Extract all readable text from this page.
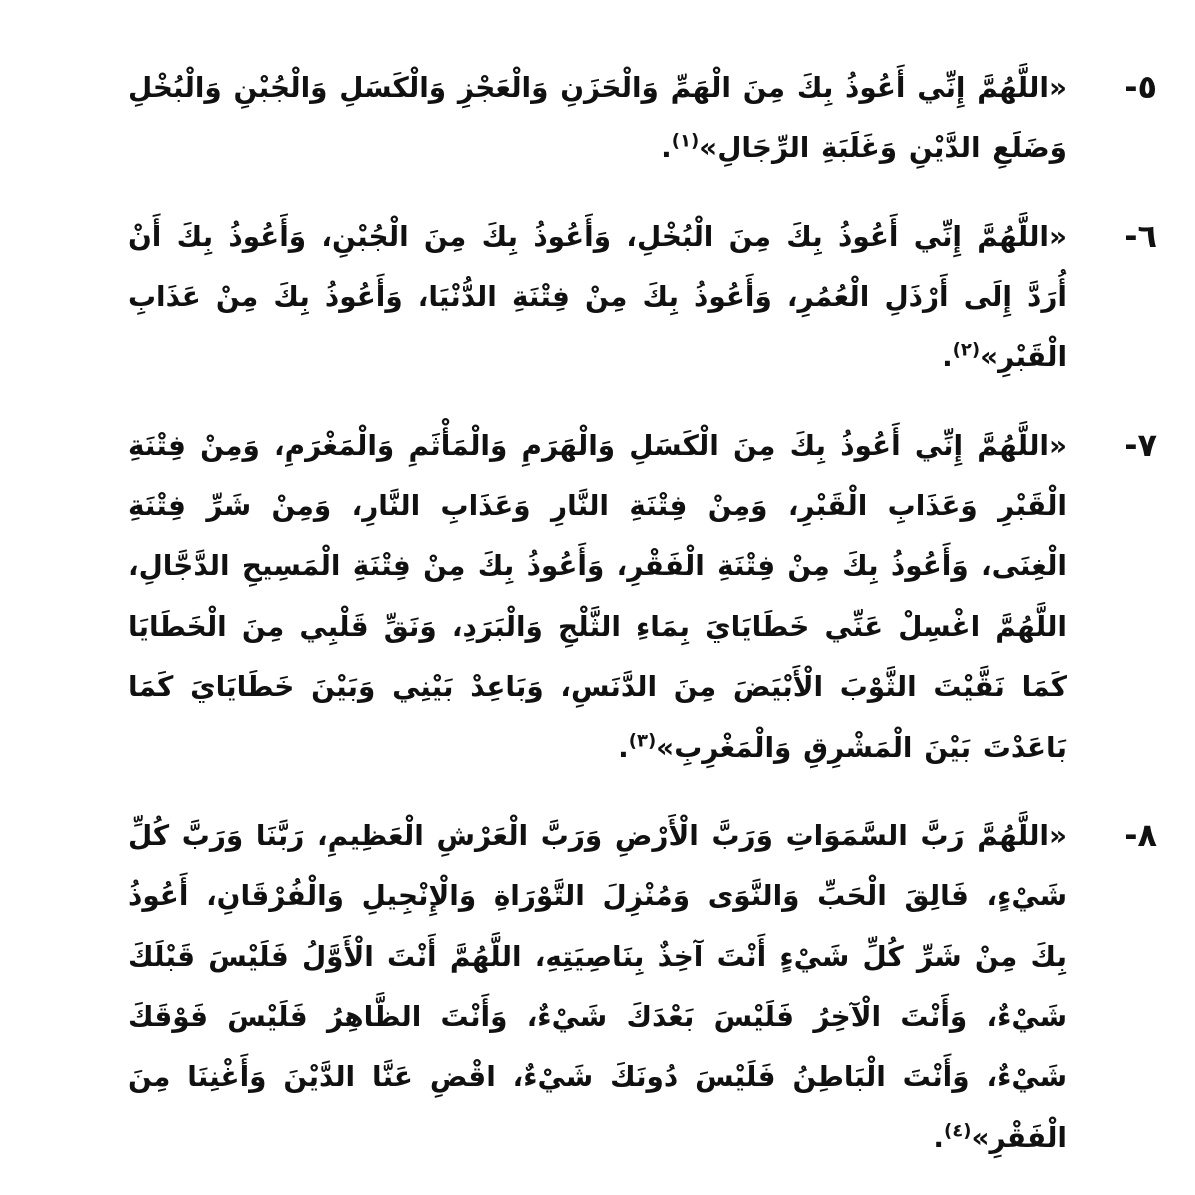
٥-

«اللَّهُمَّ إِنِّي أَعُوذُ بِكَ مِنَ الْهَمِّ وَالْحَزَنِ وَالْعَجْزِ وَالْكَسَلِ وَالْجُبْنِ وَالْبُخْلِ وَضَلَعِ الدَّيْنِ وَغَلَبَةِ الرِّجَالِ»$^{(١)}$.

٦-

«اللَّهُمَّ إِنِّي أَعُوذُ بِكَ مِنَ الْبُخْلِ، وَأَعُوذُ بِكَ مِنَ الْجُبْنِ، وَأَعُوذُ بِكَ أَنْ أُرَدَّ إِلَى أَرْذَلِ الْعُمُرِ، وَأَعُوذُ بِكَ مِنْ فِتْنَةِ الدُّنْيَا، وَأَعُوذُ بِكَ مِنْ عَذَابِ الْقَبْرِ»$^{(٢)}$.

٧-

«اللَّهُمَّ إِنِّي أَعُوذُ بِكَ مِنَ الْكَسَلِ وَالْهَرَمِ وَالْمَأْثَمِ وَالْمَغْرَمِ، وَمِنْ فِتْنَةِ الْقَبْرِ وَعَذَابِ الْقَبْرِ، وَمِنْ فِتْنَةِ النَّارِ وَعَذَابِ النَّارِ، وَمِنْ شَرِّ فِتْنَةِ الْغِنَى، وَأَعُوذُ بِكَ مِنْ فِتْنَةِ الْفَقْرِ، وَأَعُوذُ بِكَ مِنْ فِتْنَةِ الْمَسِيحِ الدَّجَّالِ، اللَّهُمَّ اغْسِلْ عَنِّي خَطَايَايَ بِمَاءِ الثَّلْجِ وَالْبَرَدِ، وَنَقِّ قَلْبِي مِنَ الْخَطَايَا كَمَا نَقَّيْتَ الثَّوْبَ الْأَبْيَضَ مِنَ الدَّنَسِ، وَبَاعِدْ بَيْنِي وَبَيْنَ خَطَايَايَ كَمَا بَاعَدْتَ بَيْنَ الْمَشْرِقِ وَالْمَغْرِبِ»$^{(٣)}$.

٨-

«اللَّهُمَّ رَبَّ السَّمَوَاتِ وَرَبَّ الْأَرْضِ وَرَبَّ الْعَرْشِ الْعَظِيمِ، رَبَّنَا وَرَبَّ كُلِّ شَيْءٍ، فَالِقَ الْحَبِّ وَالنَّوَى وَمُنْزِلَ التَّوْرَاةِ وَالْإِنْجِيلِ وَالْفُرْقَانِ، أَعُوذُ بِكَ مِنْ شَرِّ كُلِّ شَيْءٍ أَنْتَ آخِذٌ بِنَاصِيَتِهِ، اللَّهُمَّ أَنْتَ الْأَوَّلُ فَلَيْسَ قَبْلَكَ شَيْءٌ، وَأَنْتَ الْآخِرُ فَلَيْسَ بَعْدَكَ شَيْءٌ، وَأَنْتَ الظَّاهِرُ فَلَيْسَ فَوْقَكَ شَيْءٌ، وَأَنْتَ الْبَاطِنُ فَلَيْسَ دُونَكَ شَيْءٌ، اقْضِ عَنَّا الدَّيْنَ وَأَغْنِنَا مِنَ الْفَقْرِ»$^{(٤)}$.
